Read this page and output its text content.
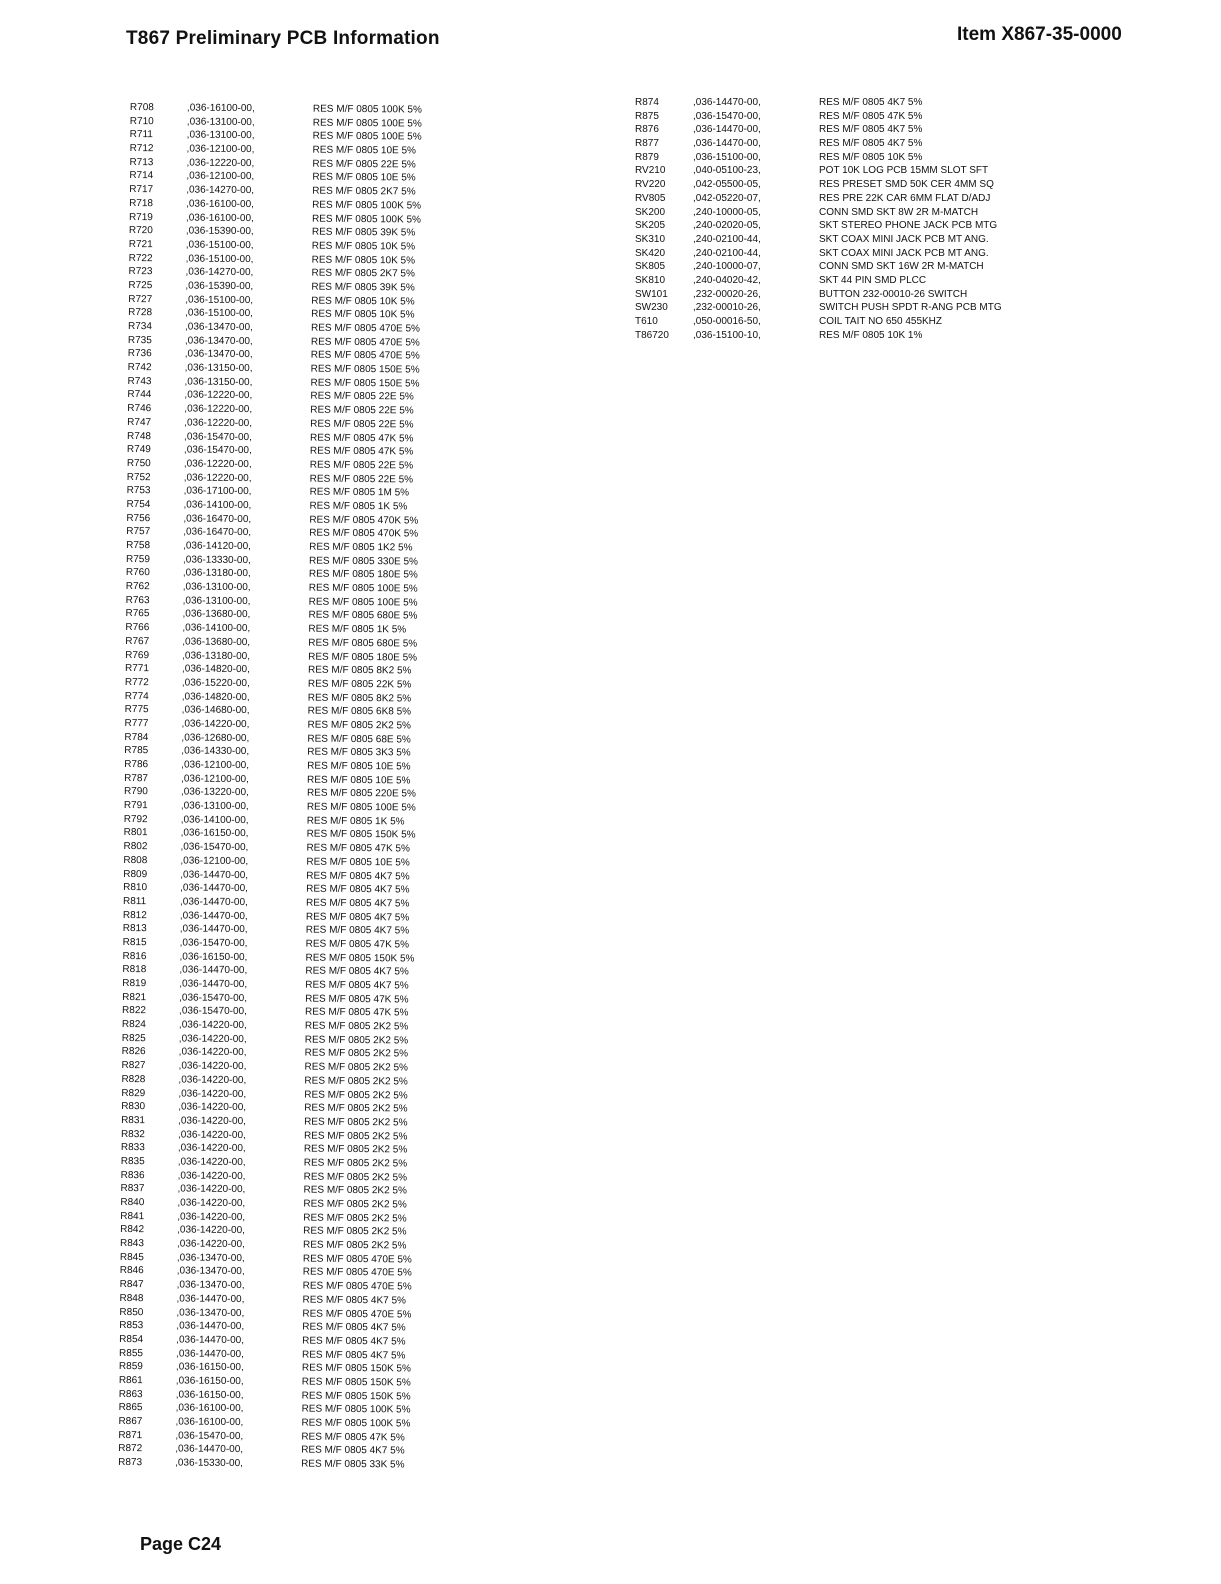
T867 Preliminary PCB Information	Item X867-35-0000
R708	,036-16100-00,	RES M/F 0805 100K 5%
R710	,036-13100-00,	RES M/F 0805 100E 5%
R711	,036-13100-00,	RES M/F 0805 100E 5%
R712	,036-12100-00,	RES M/F 0805 10E 5%
R713	,036-12220-00,	RES M/F 0805 22E 5%
R714	,036-12100-00,	RES M/F 0805 10E 5%
R717	,036-14270-00,	RES M/F 0805 2K7 5%
R718	,036-16100-00,	RES M/F 0805 100K 5%
R719	,036-16100-00,	RES M/F 0805 100K 5%
R720	,036-15390-00,	RES M/F 0805 39K 5%
R721	,036-15100-00,	RES M/F 0805 10K 5%
R722	,036-15100-00,	RES M/F 0805 10K 5%
R723	,036-14270-00,	RES M/F 0805 2K7 5%
R725	,036-15390-00,	RES M/F 0805 39K 5%
R727	,036-15100-00,	RES M/F 0805 10K 5%
R728	,036-15100-00,	RES M/F 0805 10K 5%
R734	,036-13470-00,	RES M/F 0805 470E 5%
R735	,036-13470-00,	RES M/F 0805 470E 5%
R736	,036-13470-00,	RES M/F 0805 470E 5%
R742	,036-13150-00,	RES M/F 0805 150E 5%
R743	,036-13150-00,	RES M/F 0805 150E 5%
R744	,036-12220-00,	RES M/F 0805 22E 5%
R746	,036-12220-00,	RES M/F 0805 22E 5%
R747	,036-12220-00,	RES M/F 0805 22E 5%
R748	,036-15470-00,	RES M/F 0805 47K 5%
R749	,036-15470-00,	RES M/F 0805 47K 5%
R750	,036-12220-00,	RES M/F 0805 22E 5%
R752	,036-12220-00,	RES M/F 0805 22E 5%
R753	,036-17100-00,	RES M/F 0805 1M 5%
R754	,036-14100-00,	RES M/F 0805 1K 5%
R756	,036-16470-00,	RES M/F 0805 470K 5%
R757	,036-16470-00,	RES M/F 0805 470K 5%
R758	,036-14120-00,	RES M/F 0805 1K2 5%
R759	,036-13330-00,	RES M/F 0805 330E 5%
R760	,036-13180-00,	RES M/F 0805 180E 5%
R762	,036-13100-00,	RES M/F 0805 100E 5%
R763	,036-13100-00,	RES M/F 0805 100E 5%
R765	,036-13680-00,	RES M/F 0805 680E 5%
R766	,036-14100-00,	RES M/F 0805 1K 5%
R767	,036-13680-00,	RES M/F 0805 680E 5%
R769	,036-13180-00,	RES M/F 0805 180E 5%
R771	,036-14820-00,	RES M/F 0805 8K2 5%
R772	,036-15220-00,	RES M/F 0805 22K 5%
R774	,036-14820-00,	RES M/F 0805 8K2 5%
R775	,036-14680-00,	RES M/F 0805 6K8 5%
R777	,036-14220-00,	RES M/F 0805 2K2 5%
R784	,036-12680-00,	RES M/F 0805 68E 5%
R785	,036-14330-00,	RES M/F 0805 3K3 5%
R786	,036-12100-00,	RES M/F 0805 10E 5%
R787	,036-12100-00,	RES M/F 0805 10E 5%
R790	,036-13220-00,	RES M/F 0805 220E 5%
R791	,036-13100-00,	RES M/F 0805 100E 5%
R792	,036-14100-00,	RES M/F 0805 1K 5%
R801	,036-16150-00,	RES M/F 0805 150K 5%
R802	,036-15470-00,	RES M/F 0805 47K 5%
R808	,036-12100-00,	RES M/F 0805 10E 5%
R809	,036-14470-00,	RES M/F 0805 4K7 5%
R810	,036-14470-00,	RES M/F 0805 4K7 5%
R811	,036-14470-00,	RES M/F 0805 4K7 5%
R812	,036-14470-00,	RES M/F 0805 4K7 5%
R813	,036-14470-00,	RES M/F 0805 4K7 5%
R815	,036-15470-00,	RES M/F 0805 47K 5%
R816	,036-16150-00,	RES M/F 0805 150K 5%
R818	,036-14470-00,	RES M/F 0805 4K7 5%
R819	,036-14470-00,	RES M/F 0805 4K7 5%
R821	,036-15470-00,	RES M/F 0805 47K 5%
R822	,036-15470-00,	RES M/F 0805 47K 5%
R824	,036-14220-00,	RES M/F 0805 2K2 5%
R825	,036-14220-00,	RES M/F 0805 2K2 5%
R826	,036-14220-00,	RES M/F 0805 2K2 5%
R827	,036-14220-00,	RES M/F 0805 2K2 5%
R828	,036-14220-00,	RES M/F 0805 2K2 5%
R829	,036-14220-00,	RES M/F 0805 2K2 5%
R830	,036-14220-00,	RES M/F 0805 2K2 5%
R831	,036-14220-00,	RES M/F 0805 2K2 5%
R832	,036-14220-00,	RES M/F 0805 2K2 5%
R833	,036-14220-00,	RES M/F 0805 2K2 5%
R835	,036-14220-00,	RES M/F 0805 2K2 5%
R836	,036-14220-00,	RES M/F 0805 2K2 5%
R837	,036-14220-00,	RES M/F 0805 2K2 5%
R840	,036-14220-00,	RES M/F 0805 2K2 5%
R841	,036-14220-00,	RES M/F 0805 2K2 5%
R842	,036-14220-00,	RES M/F 0805 2K2 5%
R843	,036-14220-00,	RES M/F 0805 2K2 5%
R845	,036-13470-00,	RES M/F 0805 470E 5%
R846	,036-13470-00,	RES M/F 0805 470E 5%
R847	,036-13470-00,	RES M/F 0805 470E 5%
R848	,036-14470-00,	RES M/F 0805 4K7 5%
R850	,036-13470-00,	RES M/F 0805 470E 5%
R853	,036-14470-00,	RES M/F 0805 4K7 5%
R854	,036-14470-00,	RES M/F 0805 4K7 5%
R855	,036-14470-00,	RES M/F 0805 4K7 5%
R859	,036-16150-00,	RES M/F 0805 150K 5%
R861	,036-16150-00,	RES M/F 0805 150K 5%
R863	,036-16150-00,	RES M/F 0805 150K 5%
R865	,036-16100-00,	RES M/F 0805 100K 5%
R867	,036-16100-00,	RES M/F 0805 100K 5%
R871	,036-15470-00,	RES M/F 0805 47K 5%
R872	,036-14470-00,	RES M/F 0805 4K7 5%
R873	,036-15330-00,	RES M/F 0805 33K 5%
R874	,036-14470-00,	RES M/F 0805 4K7 5%
R875	,036-15470-00,	RES M/F 0805 47K 5%
R876	,036-14470-00,	RES M/F 0805 4K7 5%
R877	,036-14470-00,	RES M/F 0805 4K7 5%
R879	,036-15100-00,	RES M/F 0805 10K 5%
RV210	,040-05100-23,	POT 10K LOG PCB 15MM SLOT SFT
RV220	,042-05500-05,	RES PRESET SMD 50K CER 4MM SQ
RV805	,042-05220-07,	RES PRE 22K CAR 6MM FLAT D/ADJ
SK200	,240-10000-05,	CONN SMD SKT 8W 2R M-MATCH
SK205	,240-02020-05,	SKT STEREO PHONE JACK PCB MTG
SK310	,240-02100-44,	SKT COAX MINI JACK PCB MT ANG.
SK420	,240-02100-44,	SKT COAX MINI JACK PCB MT ANG.
SK805	,240-10000-07,	CONN SMD SKT 16W 2R M-MATCH
SK810	,240-04020-42,	SKT 44 PIN SMD PLCC
SW101	,232-00020-26,	BUTTON 232-00010-26 SWITCH
SW230	,232-00010-26,	SWITCH PUSH SPDT R-ANG PCB MTG
T610	,050-00016-50,	COIL TAIT NO 650 455KHZ
T86720 ,036-15100-10,	RES M/F 0805 10K 1%
Page C24
